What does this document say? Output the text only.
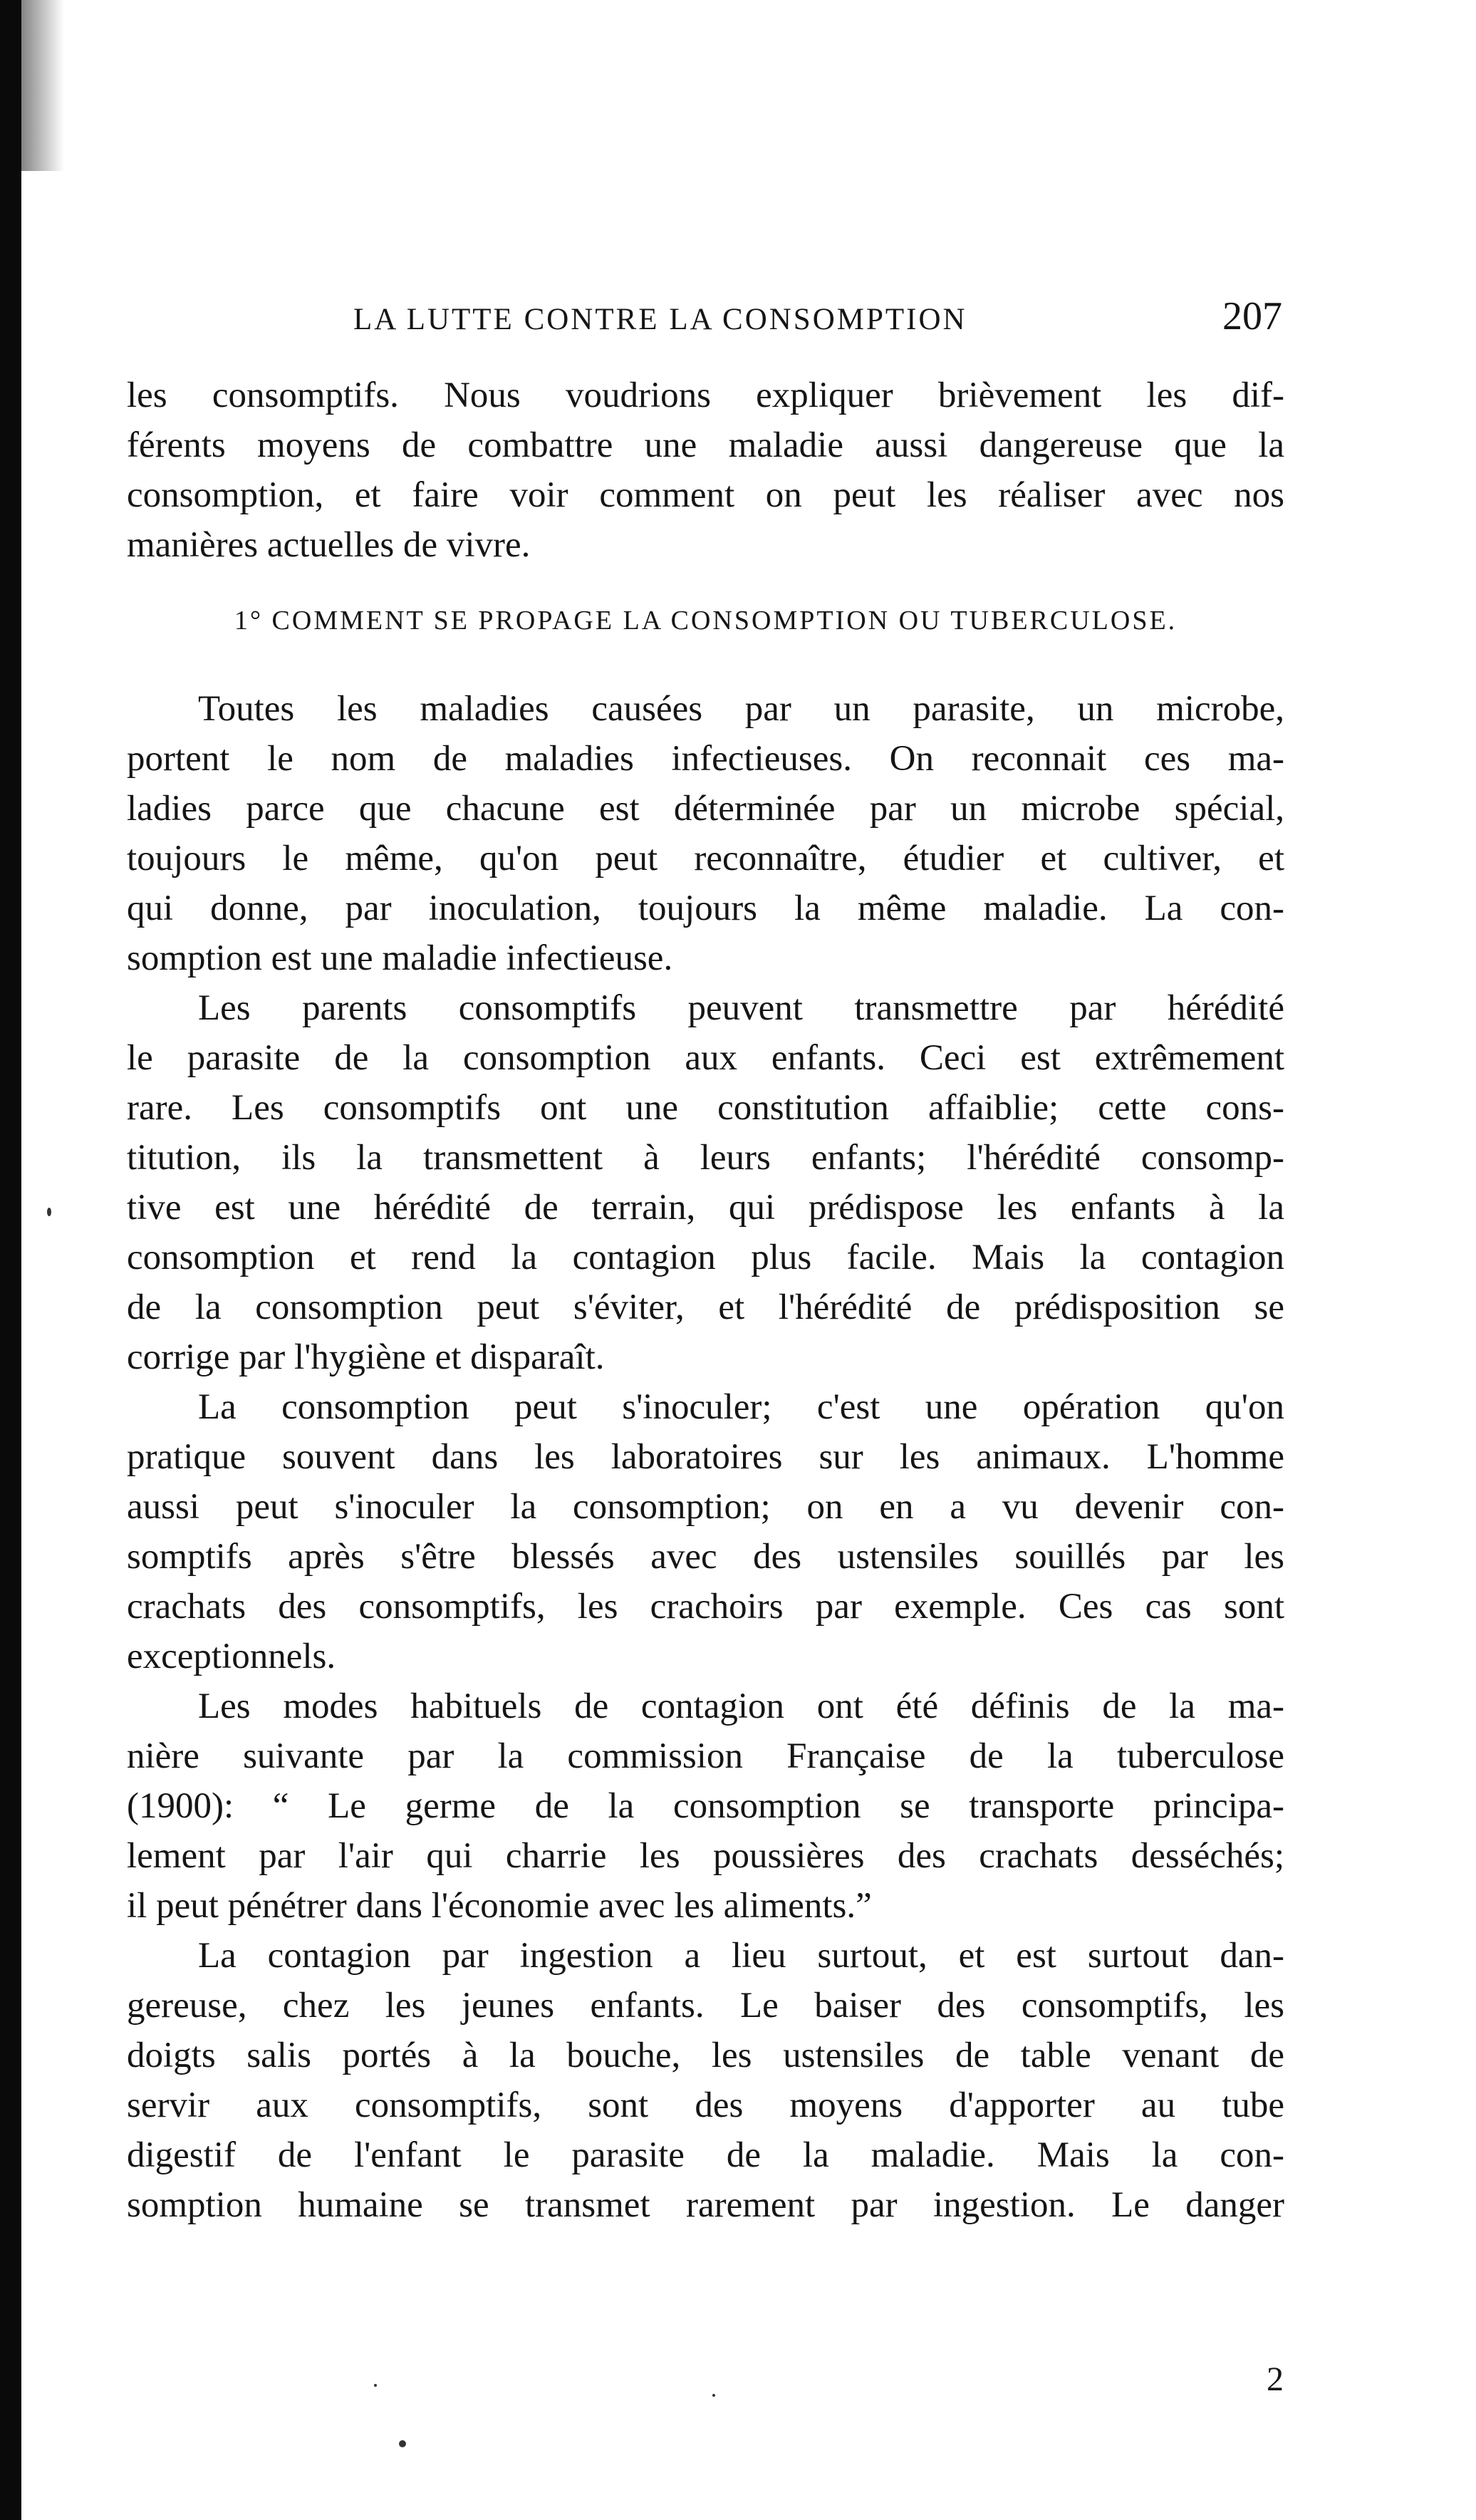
LA LUTTE CONTRE LA CONSOMPTION	207
les consomptifs. Nous voudrions expliquer brièvement les dif-
férents moyens de combattre une maladie aussi dangereuse que la
consomption, et faire voir comment on peut les réaliser avec nos
manières actuelles de vivre.
1° COMMENT SE PROPAGE LA CONSOMPTION OU TUBERCULOSE.
Toutes les maladies causées par un parasite, un microbe,
portent le nom de maladies infectieuses. On reconnait ces ma-
ladies parce que chacune est déterminée par un microbe spécial,
toujours le même, qu'on peut reconnaître, étudier et cultiver, et
qui donne, par inoculation, toujours la même maladie. La con-
somption est une maladie infectieuse.
Les parents consomptifs peuvent transmettre par hérédité
le parasite de la consomption aux enfants. Ceci est extrêmement
rare. Les consomptifs ont une constitution affaiblie; cette cons-
titution, ils la transmettent à leurs enfants; l'hérédité consomp-
tive est une hérédité de terrain, qui prédispose les enfants à la
consomption et rend la contagion plus facile. Mais la contagion
de la consomption peut s'éviter, et l'hérédité de prédisposition se
corrige par l'hygiène et disparaît.
La consomption peut s'inoculer; c'est une opération qu'on
pratique souvent dans les laboratoires sur les animaux. L'homme
aussi peut s'inoculer la consomption; on en a vu devenir con-
somptifs après s'être blessés avec des ustensiles souillés par les
crachats des consomptifs, les crachoirs par exemple. Ces cas sont
exceptionnels.
Les modes habituels de contagion ont été définis de la ma-
nière suivante par la commission Française de la tuberculose
(1900): “ Le germe de la consomption se transporte principa-
lement par l'air qui charrie les poussières des crachats desséchés;
il peut pénétrer dans l'économie avec les aliments.”
La contagion par ingestion a lieu surtout, et est surtout dan-
gereuse, chez les jeunes enfants. Le baiser des consomptifs, les
doigts salis portés à la bouche, les ustensiles de table venant de
servir aux consomptifs, sont des moyens d'apporter au tube
digestif de l'enfant le parasite de la maladie. Mais la con-
somption humaine se transmet rarement par ingestion. Le danger
2
